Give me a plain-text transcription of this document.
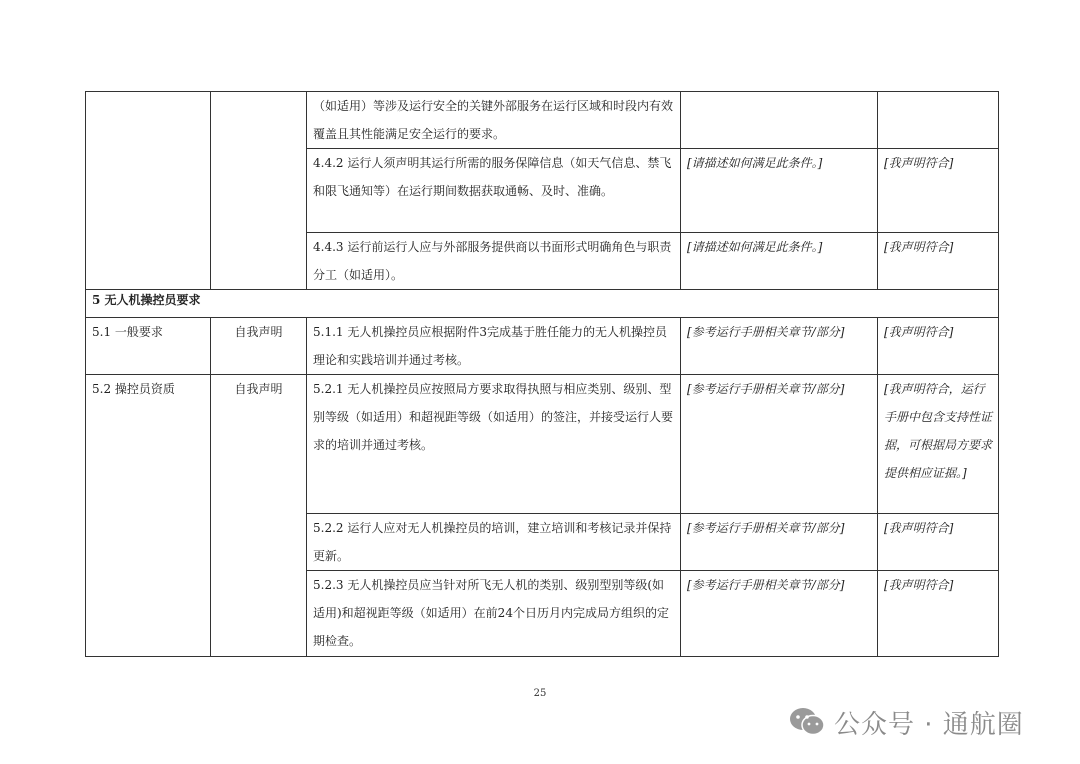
		（如适用）等涉及运行安全的关键外部服务在运行区域和时段内有效覆盖且其性能满足安全运行的要求。		
		4.4.2 运行人须声明其运行所需的服务保障信息（如天气信息、禁飞和限飞通知等）在运行期间数据获取通畅、及时、准确。	[请描述如何满足此条件。]	[我声明符合]
		4.4.3 运行前运行人应与外部服务提供商以书面形式明确角色与职责分工（如适用）。	[请描述如何满足此条件。]	[我声明符合]
5 无人机操控员要求				
5.1 一般要求	自我声明	5.1.1 无人机操控员应根据附件3完成基于胜任能力的无人机操控员理论和实践培训并通过考核。	[参考运行手册相关章节/部分]	[我声明符合]
5.2 操控员资质	自我声明	5.2.1 无人机操控员应按照局方要求取得执照与相应类别、级别、型别等级（如适用）和超视距等级（如适用）的签注，并接受运行人要求的培训并通过考核。	[参考运行手册相关章节/部分]	[我声明符合，运行手册中包含支持性证据，可根据局方要求提供相应证据。]
		5.2.2 运行人应对无人机操控员的培训，建立培训和考核记录并保持更新。	[参考运行手册相关章节/部分]	[我声明符合]
		5.2.3 无人机操控员应当针对所飞无人机的类别、级别型别等级(如适用)和超视距等级（如适用）在前24个日历月内完成局方组织的定期检查。	[参考运行手册相关章节/部分]	[我声明符合]
25
公众号 · 通航圈
